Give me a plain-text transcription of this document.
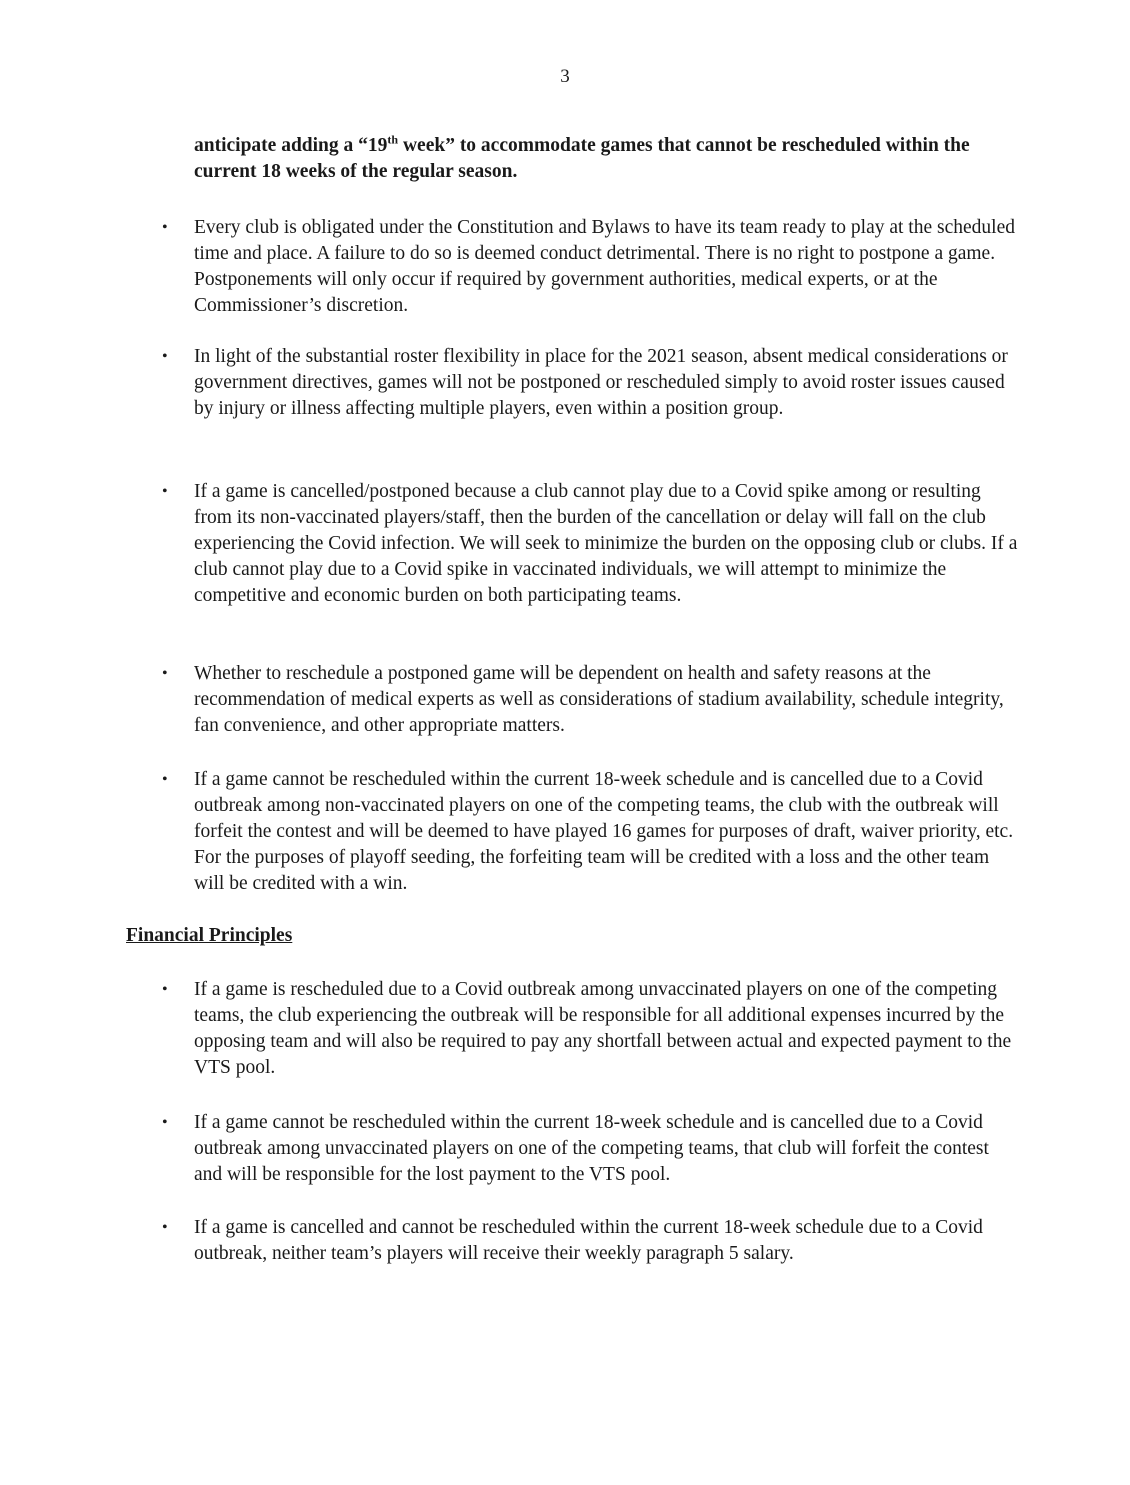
3
anticipate adding a “19th week” to accommodate games that cannot be rescheduled within the current 18 weeks of the regular season.
•	Every club is obligated under the Constitution and Bylaws to have its team ready to play at the scheduled time and place. A failure to do so is deemed conduct detrimental. There is no right to postpone a game. Postponements will only occur if required by government authorities, medical experts, or at the Commissioner’s discretion.
•	In light of the substantial roster flexibility in place for the 2021 season, absent medical considerations or government directives, games will not be postponed or rescheduled simply to avoid roster issues caused by injury or illness affecting multiple players, even within a position group.
•	If a game is cancelled/postponed because a club cannot play due to a Covid spike among or resulting from its non-vaccinated players/staff, then the burden of the cancellation or delay will fall on the club experiencing the Covid infection. We will seek to minimize the burden on the opposing club or clubs. If a club cannot play due to a Covid spike in vaccinated individuals, we will attempt to minimize the competitive and economic burden on both participating teams.
•	Whether to reschedule a postponed game will be dependent on health and safety reasons at the recommendation of medical experts as well as considerations of stadium availability, schedule integrity, fan convenience, and other appropriate matters.
•	If a game cannot be rescheduled within the current 18-week schedule and is cancelled due to a Covid outbreak among non-vaccinated players on one of the competing teams, the club with the outbreak will forfeit the contest and will be deemed to have played 16 games for purposes of draft, waiver priority, etc. For the purposes of playoff seeding, the forfeiting team will be credited with a loss and the other team will be credited with a win.
Financial Principles
•	If a game is rescheduled due to a Covid outbreak among unvaccinated players on one of the competing teams, the club experiencing the outbreak will be responsible for all additional expenses incurred by the opposing team and will also be required to pay any shortfall between actual and expected payment to the VTS pool.
•	If a game cannot be rescheduled within the current 18-week schedule and is cancelled due to a Covid outbreak among unvaccinated players on one of the competing teams, that club will forfeit the contest and will be responsible for the lost payment to the VTS pool.
•	If a game is cancelled and cannot be rescheduled within the current 18-week schedule due to a Covid outbreak, neither team’s players will receive their weekly paragraph 5 salary.
